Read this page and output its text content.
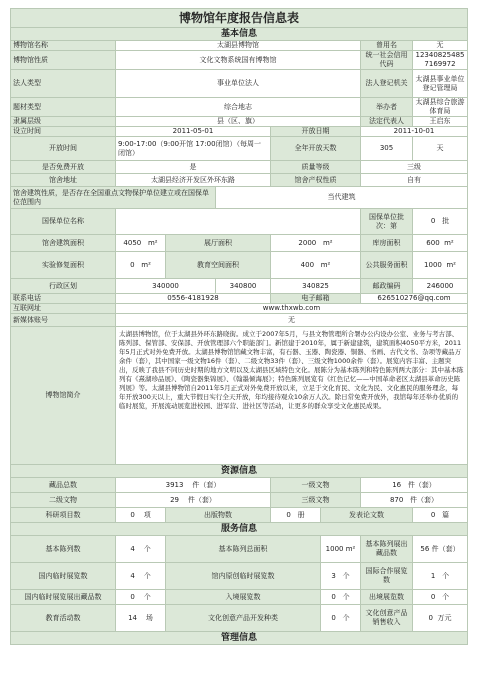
博物馆年度报告信息表							
基本信息							
博物馆名称	太湖县博物馆					曾用名	无
博物馆性质	文化文物系统国有博物馆					统一社会信用代码	12340825485 7169972
法人类型	事业单位法人					法人登记机关	太湖县事业单位登记管理局
题材类型	综合地志					举办者	太湖县综合旅游体育局
隶属层级	县（区、旗）					法定代表人	王启东
设立时间	2011-05-01			开放日期		2011-10-01	
开放时间	9:00-17:00（9:00开馆 17:00闭馆）（每周一闭馆）			全年开放天数		305	天
是否免费开放	是			质量等级		三级	
馆舍地址	太湖县经济开发区外环东路			馆舍产权性质		自有	
馆舍建筑性质，是否存在全国重点文物保护单位建立或在国保单位范围内			当代建筑				
国保单位名称						国保单位批次：第	0 批
馆舍建筑面积	4050 m²	展厅面积		2000 m²		库房面积	600 m²
实验修复面积	0 m²	教育空间面积		400 m²		公共服务面积	1000 m²
行政区划	340000		340800	340825		邮政编码	246000
联系电话	0556-4181928			电子邮箱		626510276@qq.com	
互联网址	www.thxwb.com						
新媒体账号	无						
博物馆简介	太湖县博物馆，位于太湖县外环东路晓街。成立于2007年5月，与县文物管理所合署办公内设办公室、业务与考古部、陈列部、保管部、安保部、开放管理部六个职能部门。新馆建于2010年，属于新建建筑，建筑面积4050平方米，2011年5月正式对外免费开放。太湖县博物馆馆藏文物丰富，有石器、玉器、陶瓷器、铜器、书画、古代文书、杂项等藏品万余件（套），其中国家一级文物16件（套）、二级文物33件（套）、三级文物1000余件（套）。展览内容丰富、主题突出，反映了我县不同历史时期的地方文明以及太湖县区域特色文化。展陈分为基本陈列和特色陈列两大部分：其中基本陈列有《熹湖珍品展》、《陶瓷器集锦展》、《翰墨倾海展》；特色陈列展览有《红色记忆——中国革命老区太湖县革命历史陈列展》等。太湖县博物馆自2011年5月正式对外免费开放以来，立足于文化育民、文化为民、文化惠民的服务理念，每年开放300天以上，重大节假日实行全天开放，年均接待观众10余万人次。除日常免费开放外，我馆每年还举办优质的临时展览，开展流动展览进校园、进军营、进社区等活动，让更多的群众享受文化惠民成果。						
资源信息							
藏品总数	3913 件（套）			一级文物		16 件（套）	
二级文物	29 件（套）			三级文物		870 件（套）	
科研项目数	0 项	出版物数		0 册	发表论文数		0 篇
服务信息							
基本陈列数	4 个	基本陈列总面积			1000 m²	基本陈列展出藏品数	56 件（套）
国内临时展览数	4 个	馆内原创临时展览数			3 个	国际合作展览数	1 个
国内临时展览展出藏品数	0 个	入境展览数			0 个	出境展览数	0 个
教育活动数	14 场	文化创意产品开发种类			0 个	文化创意产品销售收入	0 万元
管理信息							
